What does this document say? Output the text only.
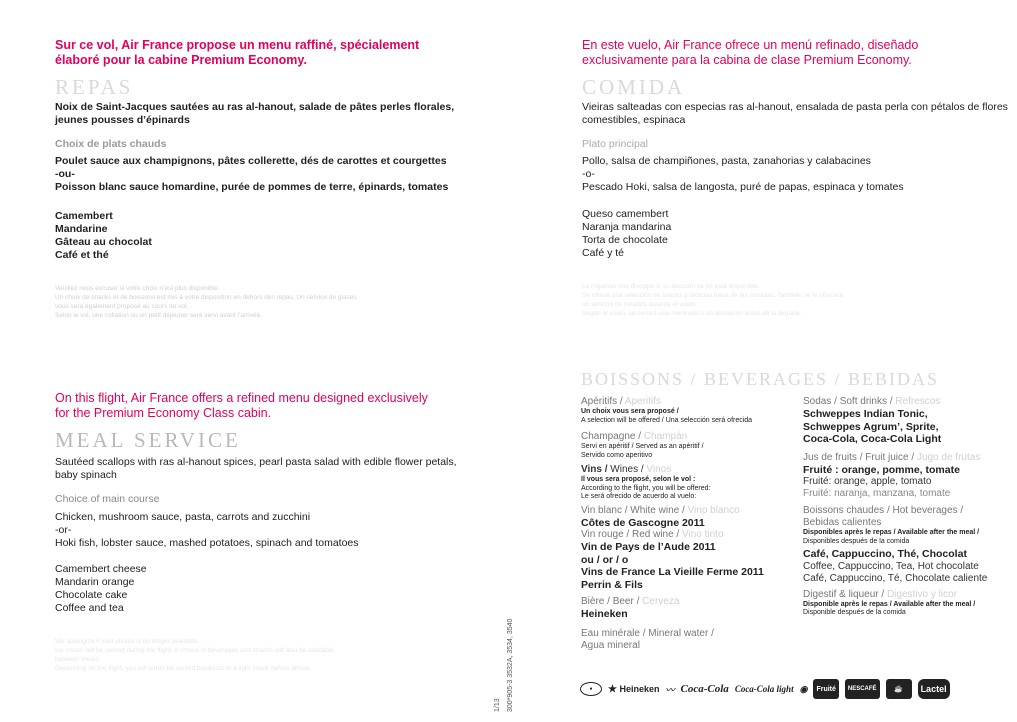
Sur ce vol, Air France propose un menu raffiné, spécialement
élaboré pour la cabine Premium Economy.
REPAS
Noix de Saint-Jacques sautées au ras al-hanout, salade de pâtes perles florales,
jeunes pousses d’épinards
Choix de plats chauds
Poulet sauce aux champignons, pâtes collerette, dés de carottes et courgettes
-ou-
Poisson blanc sauce homardine, purée de pommes de terre, épinards, tomates
Camembert
Mandarine
Gâteau au chocolat
Café et thé
Veuillez nous excuser si votre choix n’est plus disponible.
Un choix de snacks et de boissons est mis à votre disposition en dehors des repas. Un service de glaces
vous sera également proposé au cours du vol.
Selon le vol, une collation ou un petit déjeuner sera servi avant l’arrivée.
En este vuelo, Air France ofrece un menú refinado, diseñado
exclusivamente para la cabina de clase Premium Economy.
COMIDA
Vieiras salteadas con especias ras al-hanout, ensalada de pasta perla con pétalos de flores
comestibles, espinaca
Plato principal
Pollo, salsa de champiñones, pasta, zanahorias y calabacines
-o-
Pescado Hoki, salsa de langosta, puré de papas, espinaca y tomates
Queso camembert
Naranja mandarina
Torta de chocolate
Café y té
Le rogamos nos disculpe si su elección ya no está disponible.
Se ofrece una selección de snacks y bebidas fuera de las comidas. También se le ofrecerá
un servicio de helados durante el vuelo.
Según el vuelo, se servirá una merienda o un desayuno antes de la llegada.
On this flight, Air France offers a refined menu designed exclusively
for the Premium Economy Class cabin.
MEAL SERVICE
Sautéed scallops with ras al-hanout spices, pearl pasta salad with edible flower petals,
baby spinach
Choice of main course
Chicken, mushroom sauce, pasta, carrots and zucchini
-or-
Hoki fish, lobster sauce, mashed potatoes, spinach and tomatoes
Camembert cheese
Mandarin orange
Chocolate cake
Coffee and tea
We apologize if your choice is no longer available.
Ice cream will be served during the flight. A choice of beverages and snacks will also be available
between meals.
Depending on the flight, you will either be served breakfast or a light snack before arrival.
1/13 300*905-3 3532A, 3534, 3540
BOISSONS / BEVERAGES / BEBIDAS
Apéritifs / Aperitifs
Un choix vous sera proposé /
A selection will be offered / Una selección será ofrecida
Champagne / Champán
Servi en apéritif / Served as an apéritif /
Servido como aperitivo
Vins / Wines / Vinos
Il vous sera proposé, selon le vol :
According to the flight, you will be offered:
Le será ofrecido de acuerdo al vuelo:
Vin blanc / White wine / Vino blanco
Côtes de Gascogne 2011
Vin rouge / Red wine / Vino tinto
Vin de Pays de l’Aude 2011
ou / or / o
Vins de France La Vieille Ferme 2011
Perrin & Fils
Bière / Beer / Cerveza
Heineken
Eau minérale / Mineral water /
Agua mineral
Sodas / Soft drinks / Refrescos
Schweppes Indian Tonic,
Schweppes Agrum’, Sprite,
Coca-Cola, Coca-Cola Light
Jus de fruits / Fruit juice / Jugo de frutas
Fruité : orange, pomme, tomate
Fruité: orange, apple, tomato
Fruité: naranja, manzana, tomate
Boissons chaudes / Hot beverages /
Bebidas calientes
Disponibles après le repas / Available after the meal /
Disponibles después de la comida
Café, Cappuccino, Thé, Chocolat
Coffee, Cappuccino, Tea, Hot chocolate
Café, Cappuccino, Té, Chocolate caliente
Digestif & liqueur / Digestivo y licor
Disponible après le repas / Available after the meal /
Disponible después de la comida
●	★
Heineken 〰 Coca-Cola Coca-Cola light ◉	Fruité	NESCAFÉ	☕	Lactel
